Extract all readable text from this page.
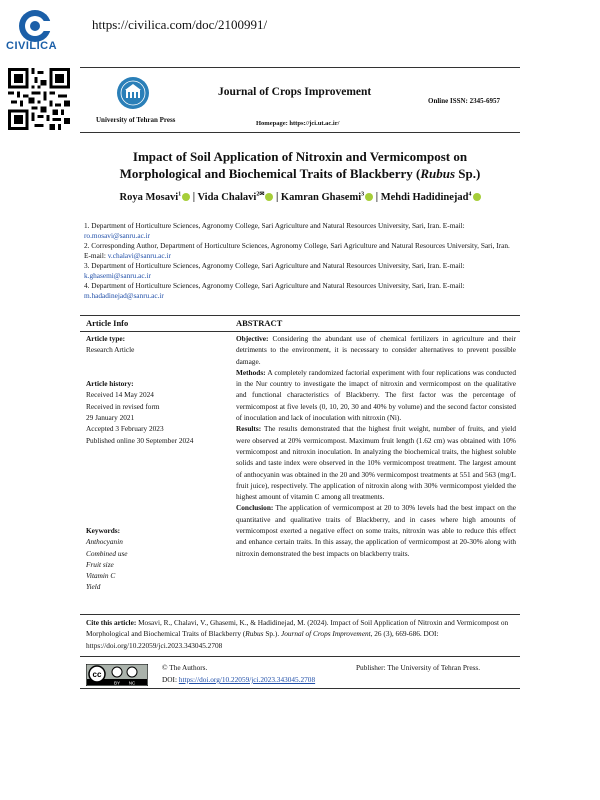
CIVILICA
https://civilica.com/doc/2100991/
University of Tehran Press
Journal of Crops Improvement
Online ISSN: 2345-6957
Homepage: https://jci.ut.ac.ir/
Impact of Soil Application of Nitroxin and Vermicompost on
Morphological and Biochemical Traits of Blackberry (Rubus Sp.)
Roya Mosavi$^1$ | Vida Chalavi$^{2✉}$ | Kamran Ghasemi$^3$ | Mehdi Hadidinejad$^4$
1. Department of Horticulture Sciences, Agronomy College, Sari Agriculture and Natural Resources University, Sari, Iran. E-mail: ro.mosavi@sanru.ac.ir
2. Corresponding Author, Department of Horticulture Sciences, Agronomy College, Sari Agriculture and Natural Resources University, Sari, Iran. E-mail: v.chalavi@sanru.ac.ir
3. Department of Horticulture Sciences, Agronomy College, Sari Agriculture and Natural Resources University, Sari, Iran. E-mail: k.ghasemi@sanru.ac.ir
4. Department of Horticulture Sciences, Agronomy College, Sari Agriculture and Natural Resources University, Sari, Iran. E-mail: m.hadadinejad@sanru.ac.ir
Article Info	ABSTRACT
Article type:
Research Article
Article history:
Received 14 May 2024
Received in revised form
29 January 2021
Accepted 3 February 2023
Published online 30 September 2024
Keywords:
Anthocyanin
Combined use
Fruit size
Vitamin C
Yield
Objective: Considering the abundant use of chemical fertilizers in agriculture and their detriments to the environment, it is necessary to consider alternatives to prevent possible damage.
Methods: A completely randomized factorial experiment with four replications was conducted in the Nur country to investigate the imapct of nitroxin and vermicompost on the qualitative and functional characteristics of Blackberry. The first factor was the percentage of vermicompost at five levels (0, 10, 20, 30 and 40% by volume) and the second factor consisted of inoculation and lack of inoculation with nitroxin (Ni).
Results: The results demonstrated that the highest fruit weight, number of fruits, and yield were observed at 20% vermicompost. Maximum fruit length (1.62 cm) was obtained with 10% vermicompost and nitroxin inoculation. In analyzing the biochemical traits, the highest soluble solids and taste index were observed in the 10% vermicompost treatment. The largest amount of anthocyanin was obtained in the 20 and 30% vermicompost treatments at 551 and 563 (mg/L fruit juice), respectively. The application of nitroxin along with 30% vermicompost yielded the highest amount of vitamin C among all treatments.
Conclusion: The application of vermicompost at 20 to 30% levels had the best impact on the quantitative and qualitative traits of Blackberry, and in cases where high amounts of vermicompost exerted a negative effect on some traits, nitroxin was able to reduce this effect and enhance certain traits. In this assay, the application of vermicompost at 20-30% along with nitroxin demonstrated the best impacts on blackberry traits.
Cite this article: Mosavi, R., Chalavi, V., Ghasemi, K., & Hadidinejad, M. (2024). Impact of Soil Application of Nitroxin and Vermicompost on Morphological and Biochemical Traits of Blackberry (Rubus Sp.). Journal of Crops Improvement, 26 (3), 669-686. DOI: https://doi.org/10.22059/jci.2023.343045.2708
cc
BY NC
© The Authors.	Publisher: The University of Tehran Press.
DOI: https://doi.org/10.22059/jci.2023.343045.2708
